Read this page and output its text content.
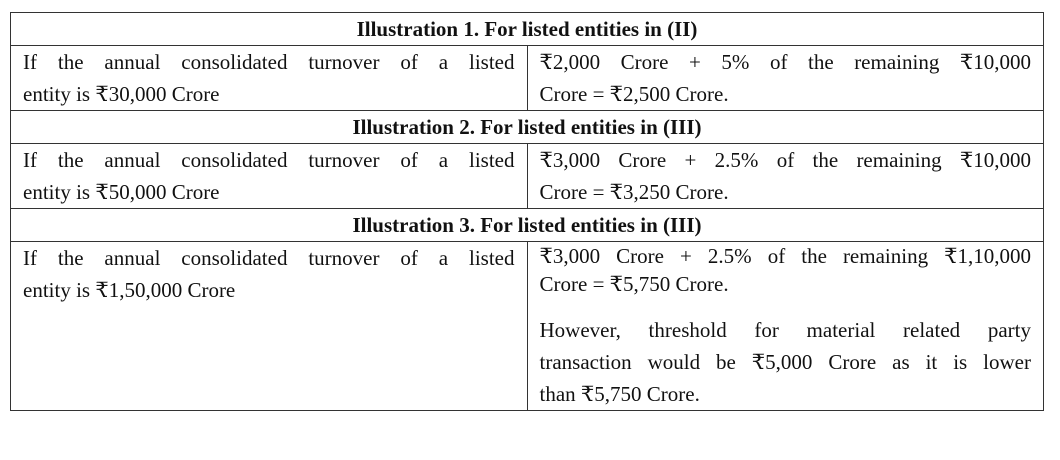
Illustration 1. For listed entities in (II)	

If the annual consolidated turnover of a listed
entity is ₹30,000 Crore	₹2,000 Crore + 5% of the remaining ₹10,000
Crore = ₹2,500 Crore.

Illustration 2. For listed entities in (III)	

If the annual consolidated turnover of a listed
entity is ₹50,000 Crore	₹3,000 Crore + 2.5% of the remaining ₹10,000
Crore = ₹3,250 Crore.

Illustration 3. For listed entities in (III)	

If the annual consolidated turnover of a listed
entity is ₹1,50,000 Crore	₹3,000 Crore + 2.5% of the remaining ₹1,10,000
Crore = ₹5,750 Crore.
However, threshold for material related party
transaction would be ₹5,000 Crore as it is lower
than ₹5,750 Crore.
